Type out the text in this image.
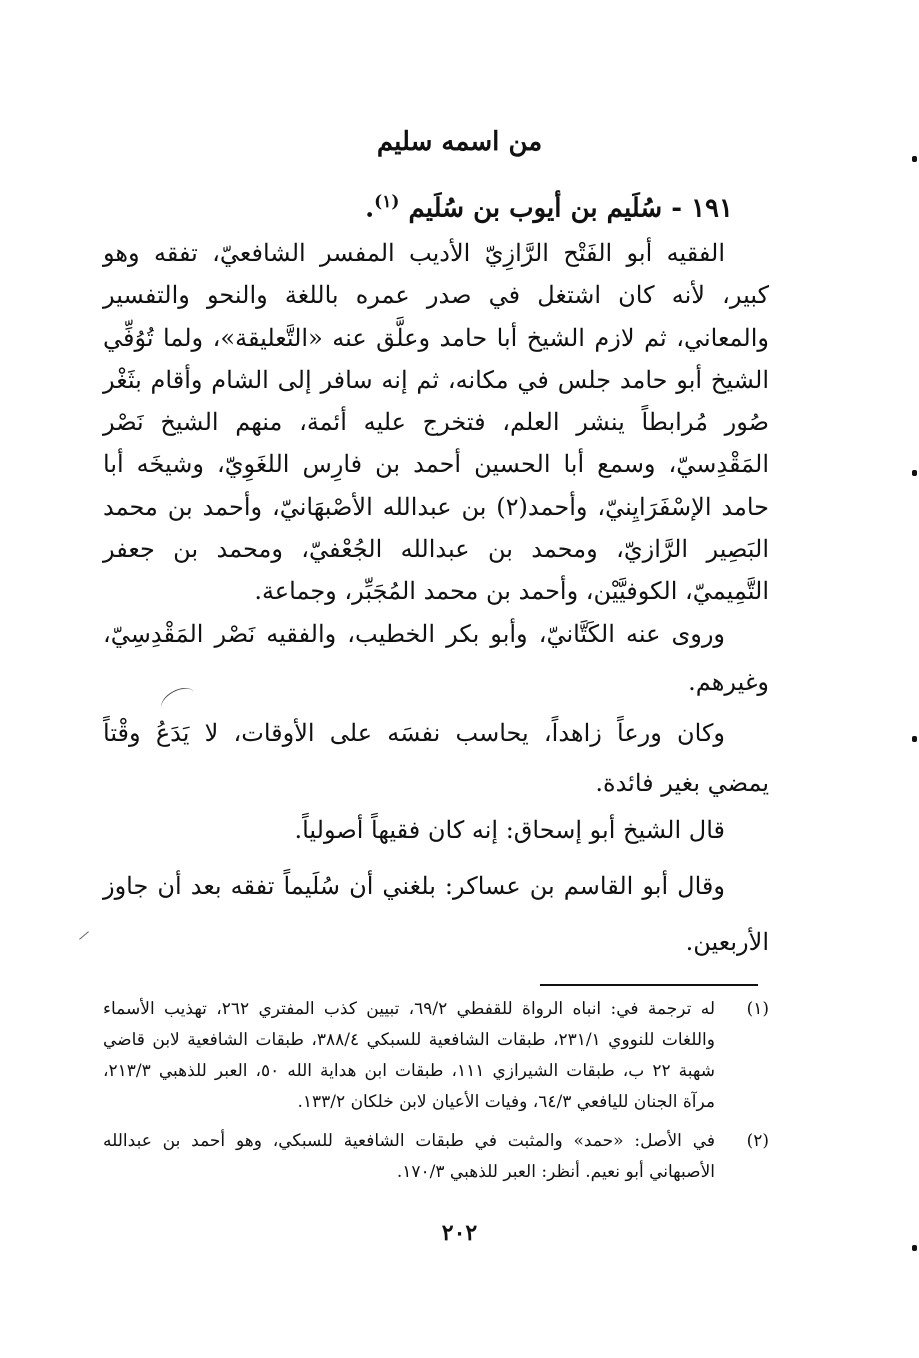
من اسمه سليم
١٩١ - سُلَيم بن أيوب بن سُلَيم $^{(١)}$.

الفقيه أبو الفَتْح الرَّازِيّ الأديب المفسر الشافعيّ، تفقه وهو كبير، لأنه كان اشتغل في صدر عمره باللغة والنحو والتفسير والمعاني، ثم لازم الشيخ أبا حامد وعلَّق عنه «التَّعليقة»، ولما تُوُفِّي الشيخ أبو حامد جلس في مكانه، ثم إنه سافر إلى الشام وأقام بثَغْر صُور مُرابطاً ينشر العلم، فتخرج عليه أئمة، منهم الشيخ نَصْر المَقْدِسيّ، وسمع أبا الحسين أحمد بن فارِس اللغَوِيّ، وشيخَه أبا حامد الإسْفَرَايِنيّ، وأحمد(٢) بن عبدالله الأصْبهَانيّ، وأحمد بن محمد البَصِير الرَّازيّ، ومحمد بن عبدالله الجُعْفيّ، ومحمد بن جعفر التَّمِيميّ، الكوفيَّيْن، وأحمد بن محمد المُجَبِّر، وجماعة.

وروى عنه الكَتَّانيّ، وأبو بكر الخطيب، والفقيه نَصْر المَقْدِسِيّ، وغيرهم.

وكان ورعاً زاهداً، يحاسب نفسَه على الأوقات، لا يَدَعُ وقْتاً يمضي بغير فائدة.

قال الشيخ أبو إسحاق: إنه كان فقيهاً أصولياً.

وقال أبو القاسم بن عساكر: بلغني أن سُلَيماً تفقه بعد أن جاوز الأربعين.

(١)
له ترجمة في: انباه الرواة للقفطي ٦٩/٢، تبيين كذب المفتري ٢٦٢، تهذيب الأسماء واللغات للنووي ٢٣١/١، طبقات الشافعية للسبكي ٣٨٨/٤، طبقات الشافعية لابن قاضي شهبة ٢٢ ب، طبقات الشيرازي ١١١، طبقات ابن هداية الله ٥٠، العبر للذهبي ٢١٣/٣، مرآة الجنان لليافعي ٦٤/٣، وفيات الأعيان لابن خلكان ١٣٣/٢.
(٢)
في الأصل: «حمد» والمثبت في طبقات الشافعية للسبكي، وهو أحمد بن عبدالله الأصبهاني أبو نعيم. أنظر: العبر للذهبي ١٧٠/٣.
٢٠٢
